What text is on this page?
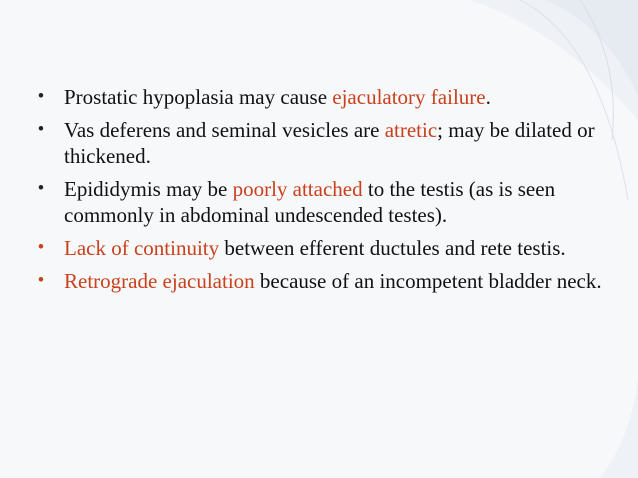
• Prostatic hypoplasia may cause ejaculatory failure.
• Vas deferens and seminal vesicles are atretic; may be dilated or thickened.
• Epididymis may be poorly attached to the testis (as is seen commonly in abdominal undescended testes).
• Lack of continuity between efferent ductules and rete testis.
• Retrograde ejaculation because of an incompetent bladder neck.
